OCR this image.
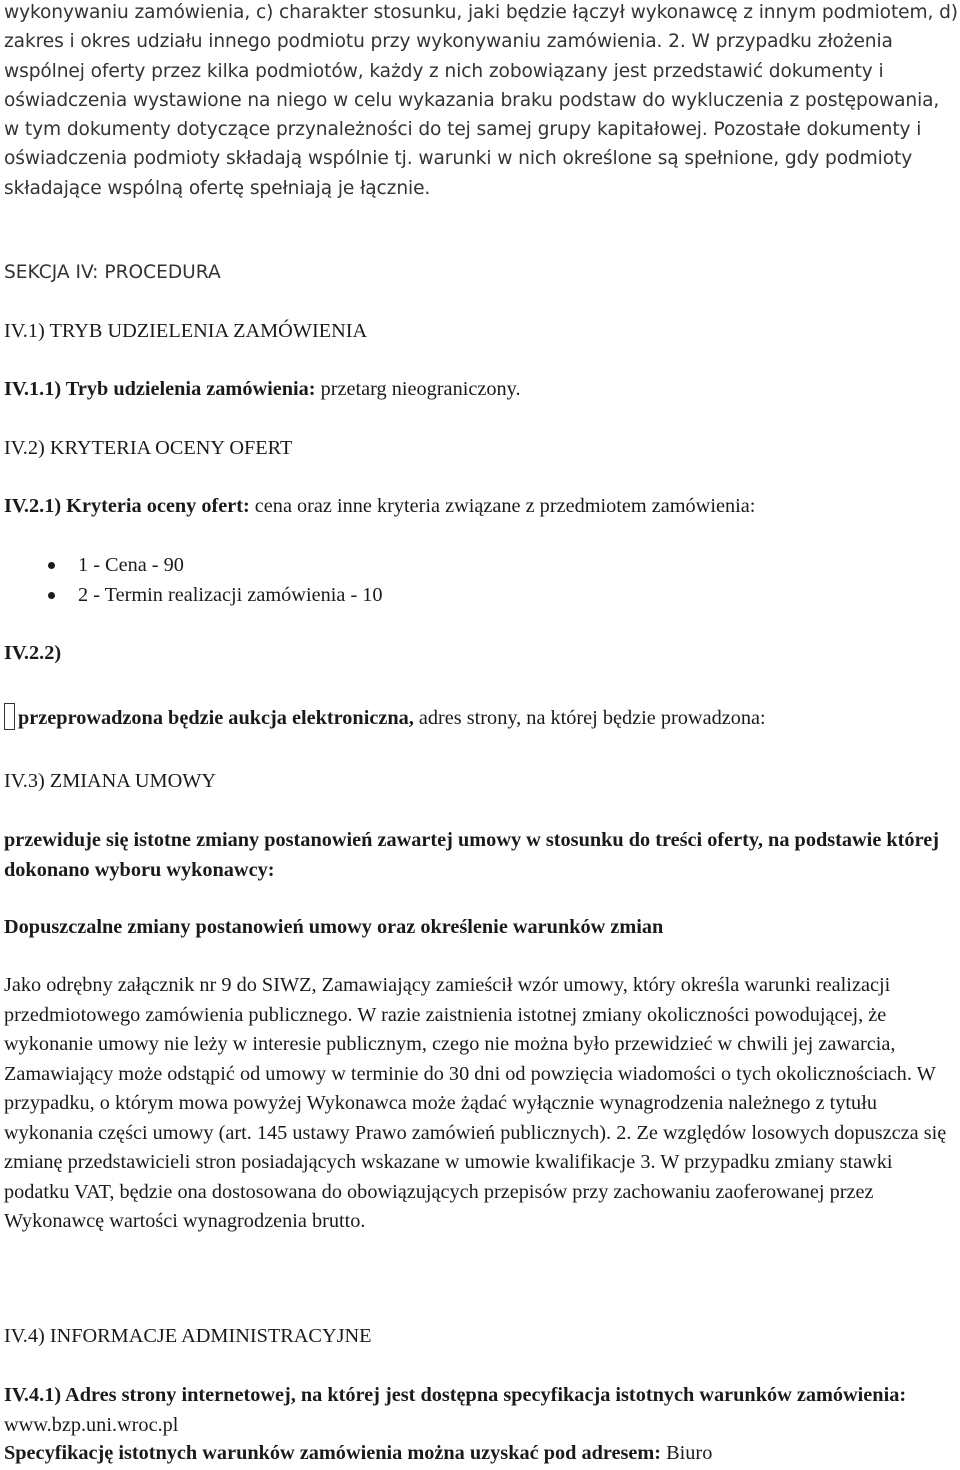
wykonywaniu zamówienia, c) charakter stosunku, jaki będzie łączył wykonawcę z innym podmiotem, d) zakres i okres udziału innego podmiotu przy wykonywaniu zamówienia. 2. W przypadku złożenia wspólnej oferty przez kilka podmiotów, każdy z nich zobowiązany jest przedstawić dokumenty i oświadczenia wystawione na niego w celu wykazania braku podstaw do wykluczenia z postępowania, w tym dokumenty dotyczące przynależności do tej samej grupy kapitałowej. Pozostałe dokumenty i oświadczenia podmioty składają wspólnie tj. warunki w nich określone są spełnione, gdy podmioty składające wspólną ofertę spełniają je łącznie.

SEKCJA IV: PROCEDURA
IV.1) TRYB UDZIELENIA ZAMÓWIENIA
IV.1.1) Tryb udzielenia zamówienia: przetarg nieograniczony.
IV.2) KRYTERIA OCENY OFERT
IV.2.1) Kryteria oceny ofert: cena oraz inne kryteria związane z przedmiotem zamówienia:
1 - Cena - 90
2 - Termin realizacji zamówienia - 10
IV.2.2)
przeprowadzona będzie aukcja elektroniczna, adres strony, na której będzie prowadzona:
IV.3) ZMIANA UMOWY

przewiduje się istotne zmiany postanowień zawartej umowy w stosunku do treści oferty, na podstawie której dokonano wyboru wykonawcy:

Dopuszczalne zmiany postanowień umowy oraz określenie warunków zmian

Jako odrębny załącznik nr 9 do SIWZ, Zamawiający zamieścił wzór umowy, który określa warunki realizacji przedmiotowego zamówienia publicznego. W razie zaistnienia istotnej zmiany okoliczności powodującej, że wykonanie umowy nie leży w interesie publicznym, czego nie można było przewidzieć w chwili jej zawarcia, Zamawiający może odstąpić od umowy w terminie do 30 dni od powzięcia wiadomości o tych okolicznościach. W przypadku, o którym mowa powyżej Wykonawca może żądać wyłącznie wynagrodzenia należnego z tytułu wykonania części umowy (art. 145 ustawy Prawo zamówień publicznych). 2. Ze względów losowych dopuszcza się zmianę przedstawicieli stron posiadających wskazane w umowie kwalifikacje 3. W przypadku zmiany stawki podatku VAT, będzie ona dostosowana do obowiązujących przepisów przy zachowaniu zaoferowanej przez Wykonawcę wartości wynagrodzenia brutto.

IV.4) INFORMACJE ADMINISTRACYJNE

IV.4.1) Adres strony internetowej, na której jest dostępna specyfikacja istotnych warunków zamówienia: www.bzp.uni.wroc.pl

Specyfikację istotnych warunków zamówienia można uzyskać pod adresem: Biuro
